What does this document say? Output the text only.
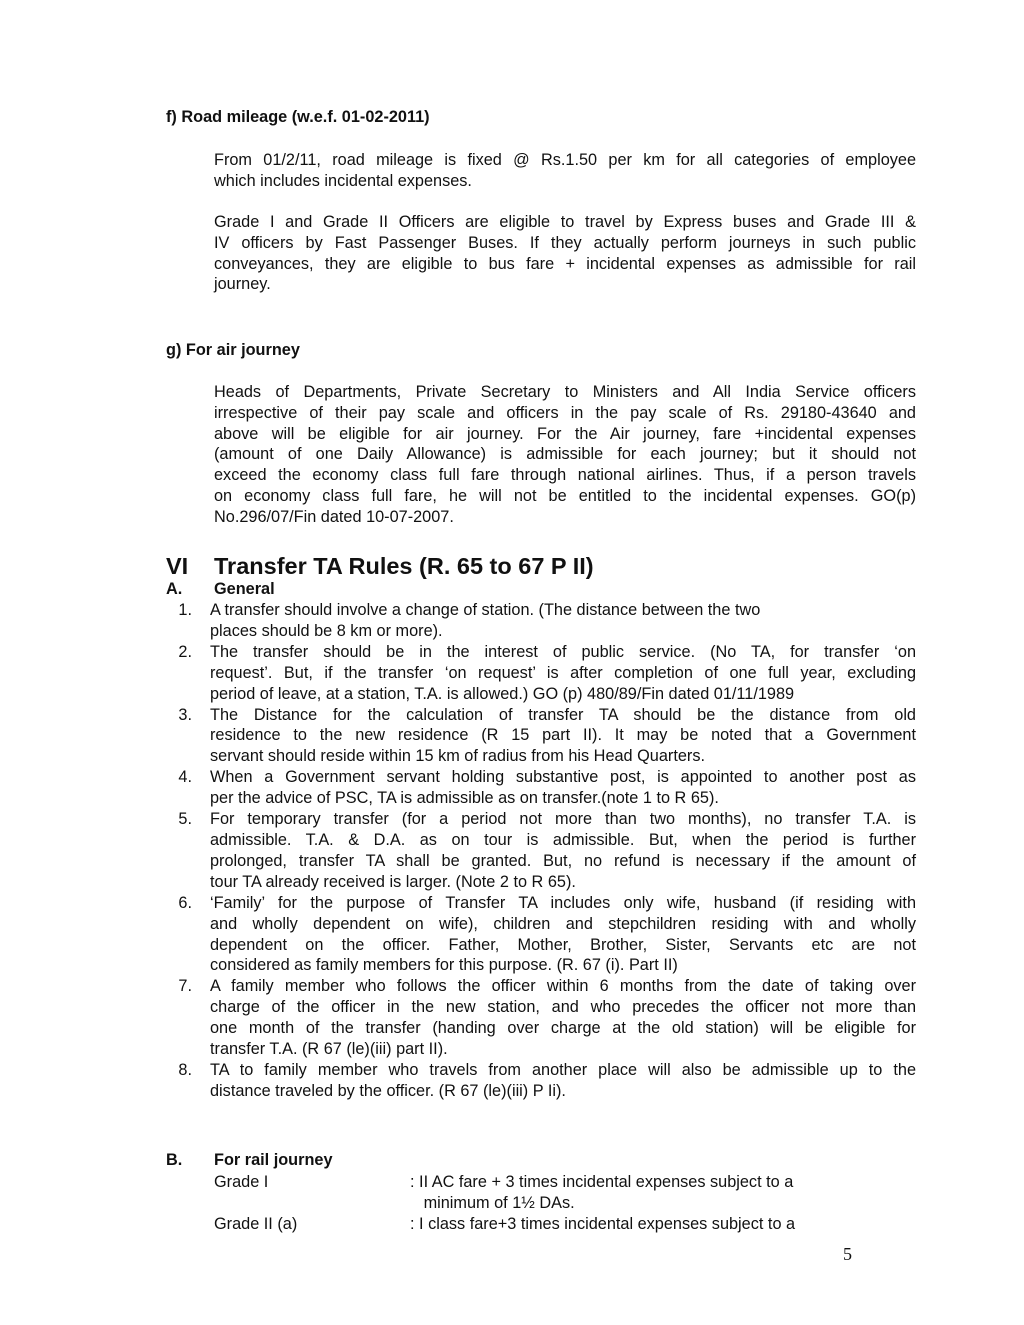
f) Road mileage (w.e.f. 01-02-2011)
From 01/2/11, road mileage is fixed @ Rs.1.50 per km for all categories of employee
which includes incidental expenses.
Grade I and Grade II Officers are eligible to travel by Express buses and Grade III &
IV officers by Fast Passenger Buses. If they actually perform journeys in such public
conveyances, they are eligible to bus fare + incidental expenses as admissible for rail
journey.
g) For air journey
Heads of Departments, Private Secretary to Ministers and All India Service officers
irrespective of their pay scale and officers in the pay scale of Rs. 29180-43640 and
above will be eligible for air journey. For the Air journey, fare +incidental expenses
(amount of one Daily Allowance) is admissible for each journey; but it should not
exceed the economy class full fare through national airlines. Thus, if a person travels
on economy class full fare, he will not be entitled to the incidental expenses. GO(p)
No.296/07/Fin dated 10-07-2007.
VI Transfer TA Rules (R. 65 to 67 P II)
A. General
1. A transfer should involve a change of station. (The distance between the two
places should be 8 km or more).
2. The transfer should be in the interest of public service. (No TA, for transfer ‘on
request’. But, if the transfer ‘on request’ is after completion of one full year, excluding
period of leave, at a station, T.A. is allowed.) GO (p) 480/89/Fin dated 01/11/1989
3. The Distance for the calculation of transfer TA should be the distance from old
residence to the new residence (R 15 part II). It may be noted that a Government
servant should reside within 15 km of radius from his Head Quarters.
4. When a Government servant holding substantive post, is appointed to another post as
per the advice of PSC, TA is admissible as on transfer.(note 1 to R 65).
5. For temporary transfer (for a period not more than two months), no transfer T.A. is
admissible. T.A. & D.A. as on tour is admissible. But, when the period is further
prolonged, transfer TA shall be granted. But, no refund is necessary if the amount of
tour TA already received is larger. (Note 2 to R 65).
6. ‘Family’ for the purpose of Transfer TA includes only wife, husband (if residing with
and wholly dependent on wife), children and stepchildren residing with and wholly
dependent on the officer. Father, Mother, Brother, Sister, Servants etc are not
considered as family members for this purpose. (R. 67 (i). Part II)
7. A family member who follows the officer within 6 months from the date of taking over
charge of the officer in the new station, and who precedes the officer not more than
one month of the transfer (handing over charge at the old station) will be eligible for
transfer T.A. (R 67 (le)(iii) part II).
8. TA to family member who travels from another place will also be admissible up to the
distance traveled by the officer. (R 67 (le)(iii) P Ii).
B. For rail journey
Grade I	: II AC fare + 3 times incidental expenses subject to a
minimum of 1½ DAs.
Grade II (a)	: I class fare+3 times incidental expenses subject to a
5
